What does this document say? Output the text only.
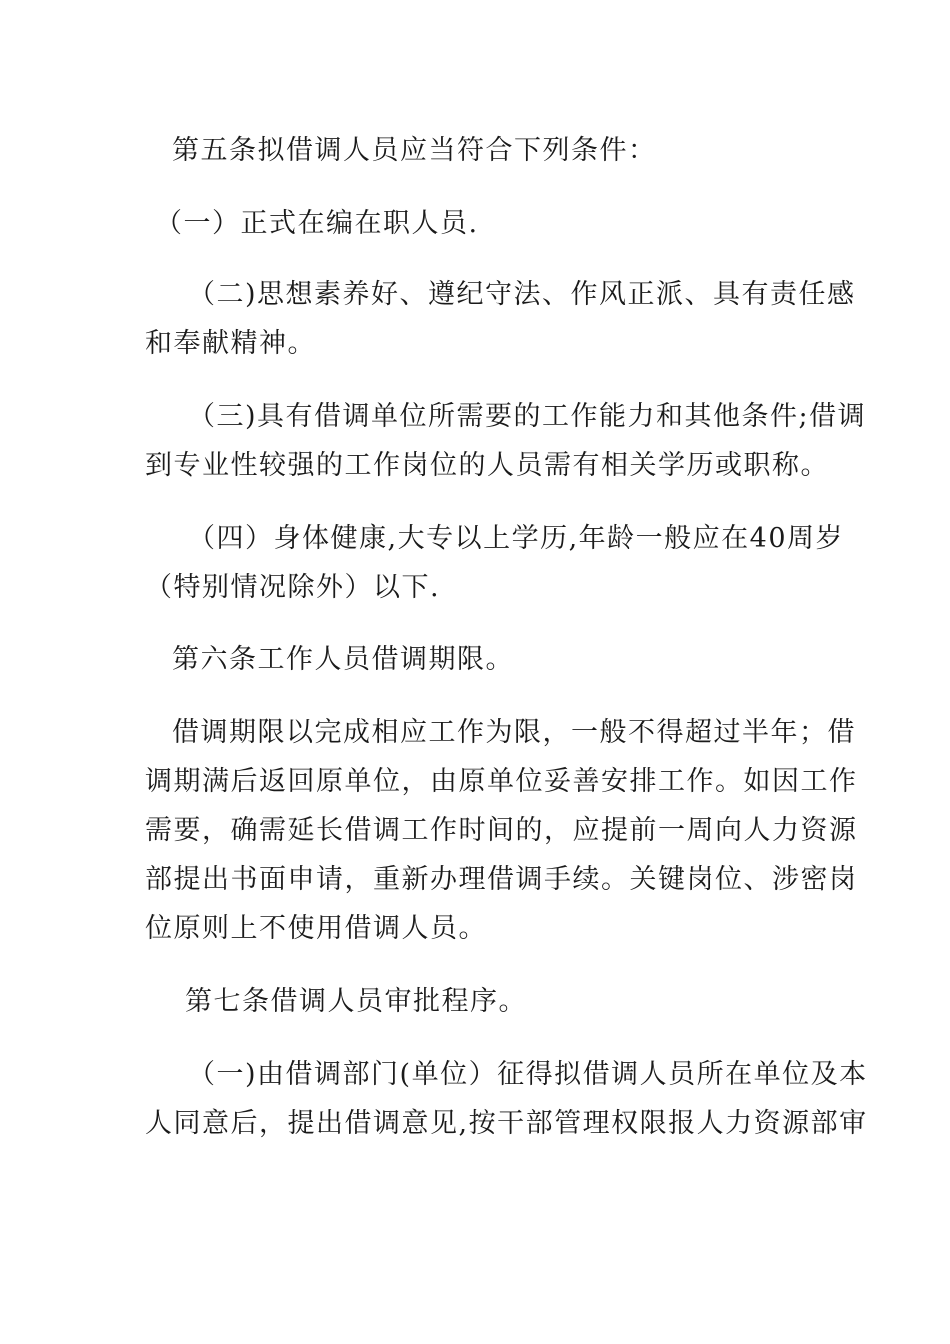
第五条拟借调人员应当符合下列条件：
（一）正式在编在职人员.
（二)思想素养好、遵纪守法、作风正派、具有责任感
和奉献精神。
（三)具有借调单位所需要的工作能力和其他条件;借调
到专业性较强的工作岗位的人员需有相关学历或职称。
（四）身体健康,大专以上学历,年龄一般应在40周岁
（特别情况除外）以下.
第六条工作人员借调期限。
借调期限以完成相应工作为限，一般不得超过半年；借
调期满后返回原单位，由原单位妥善安排工作。如因工作
需要，确需延长借调工作时间的，应提前一周向人力资源
部提出书面申请，重新办理借调手续。关键岗位、涉密岗
位原则上不使用借调人员。
第七条借调人员审批程序。
（一)由借调部门(单位）征得拟借调人员所在单位及本
人同意后，提出借调意见,按干部管理权限报人力资源部审
